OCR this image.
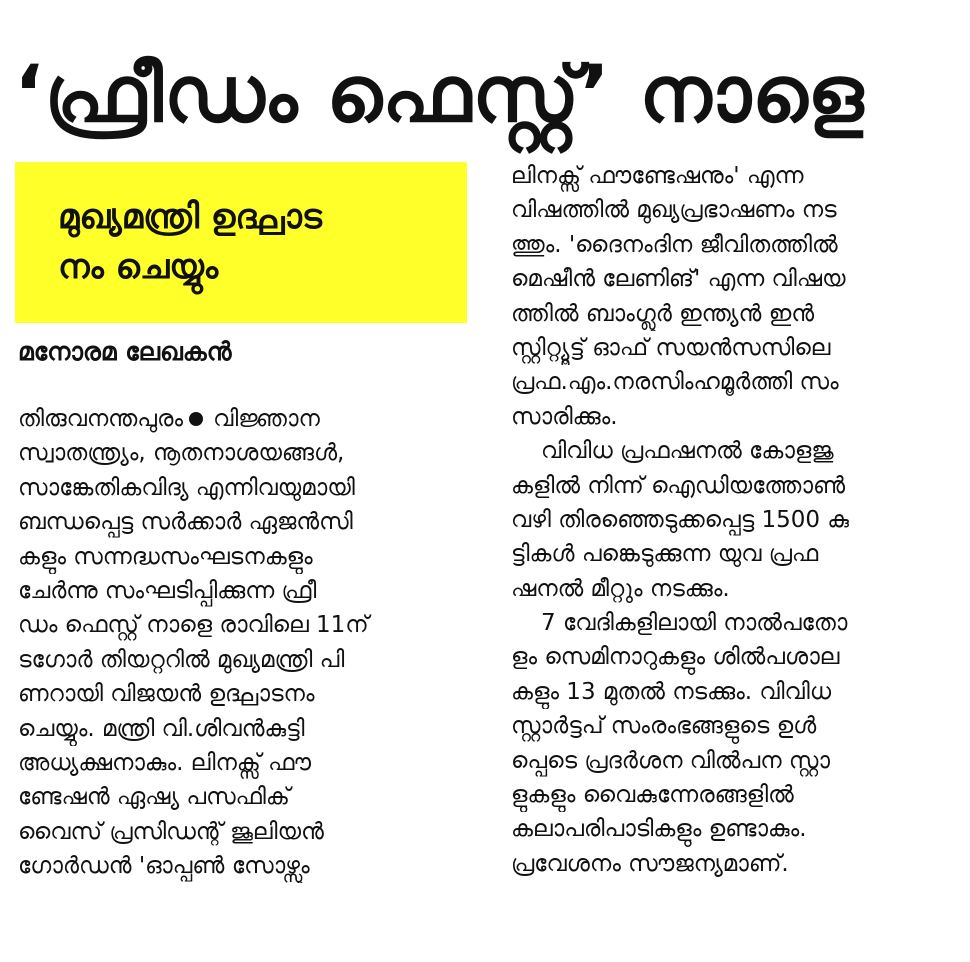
‘ഫ്രീഡം ഫെസ്റ്റ്’ നാളെ
മുഖ്യമന്ത്രി ഉദ്ഘാട
നം ചെയ്യും
മനോരമ ലേഖകൻ
തിരുവനന്തപുരം വിജ്ഞാന
സ്വാതന്ത്ര്യം, നൂതനാശയങ്ങൾ,
സാങ്കേതികവിദ്യ എന്നിവയുമായി
ബന്ധപ്പെട്ട സർക്കാർ ഏജൻസി
കളും സന്നദ്ധസംഘടനകളും
ചേർന്നു സംഘടിപ്പിക്കുന്ന ഫ്രീ
ഡം ഫെസ്റ്റ് നാളെ രാവിലെ 11ന്
ടഗോർ തിയറ്ററിൽ മുഖ്യമന്ത്രി പി
ണറായി വിജയൻ ഉദ്ഘാടനം
ചെയ്യും. മന്ത്രി വി.ശിവൻകുട്ടി
അധ്യക്ഷനാകും. ലിനക്സ് ഫൗ
ണ്ടേഷൻ ഏഷ്യ പസഫിക്
വൈസ് പ്രസിഡന്റ് ജൂലിയൻ
ഗോർഡൻ 'ഓപ്പൺ സോഴ്സും
ലിനക്സ് ഫൗണ്ടേഷനും' എന്ന
വിഷത്തിൽ മുഖ്യപ്രഭാഷണം നട
ത്തും. 'ദൈനംദിന ജീവിതത്തിൽ
മെഷീൻ ലേണിങ്' എന്ന വിഷയ
ത്തിൽ ബാംഗ്ലൂർ ഇന്ത്യൻ ഇൻ
സ്റ്റിറ്റ്യൂട്ട് ഓഫ് സയൻസസിലെ
പ്രഫ.എം.നരസിംഹമൂർത്തി സം
സാരിക്കും.
വിവിധ പ്രഫഷനൽ കോളജു
കളിൽ നിന്ന് ഐഡിയത്തോൺ
വഴി തിരഞ്ഞെടുക്കപ്പെട്ട 1500 കു
ട്ടികൾ പങ്കെടുക്കുന്ന യുവ പ്രഫ
ഷനൽ മീറ്റും നടക്കും.
7 വേദികളിലായി നാൽപതോ
ളം സെമിനാറുകളും ശിൽപശാല
കളും 13 മുതൽ നടക്കും. വിവിധ
സ്റ്റാർട്ടപ് സംരംഭങ്ങളുടെ ഉൾ
പ്പെടെ പ്രദർശന വിൽപന സ്റ്റാ
ളുകളും വൈകുന്നേരങ്ങളിൽ
കലാപരിപാടികളും ഉണ്ടാകും.
പ്രവേശനം സൗജന്യമാണ്.
